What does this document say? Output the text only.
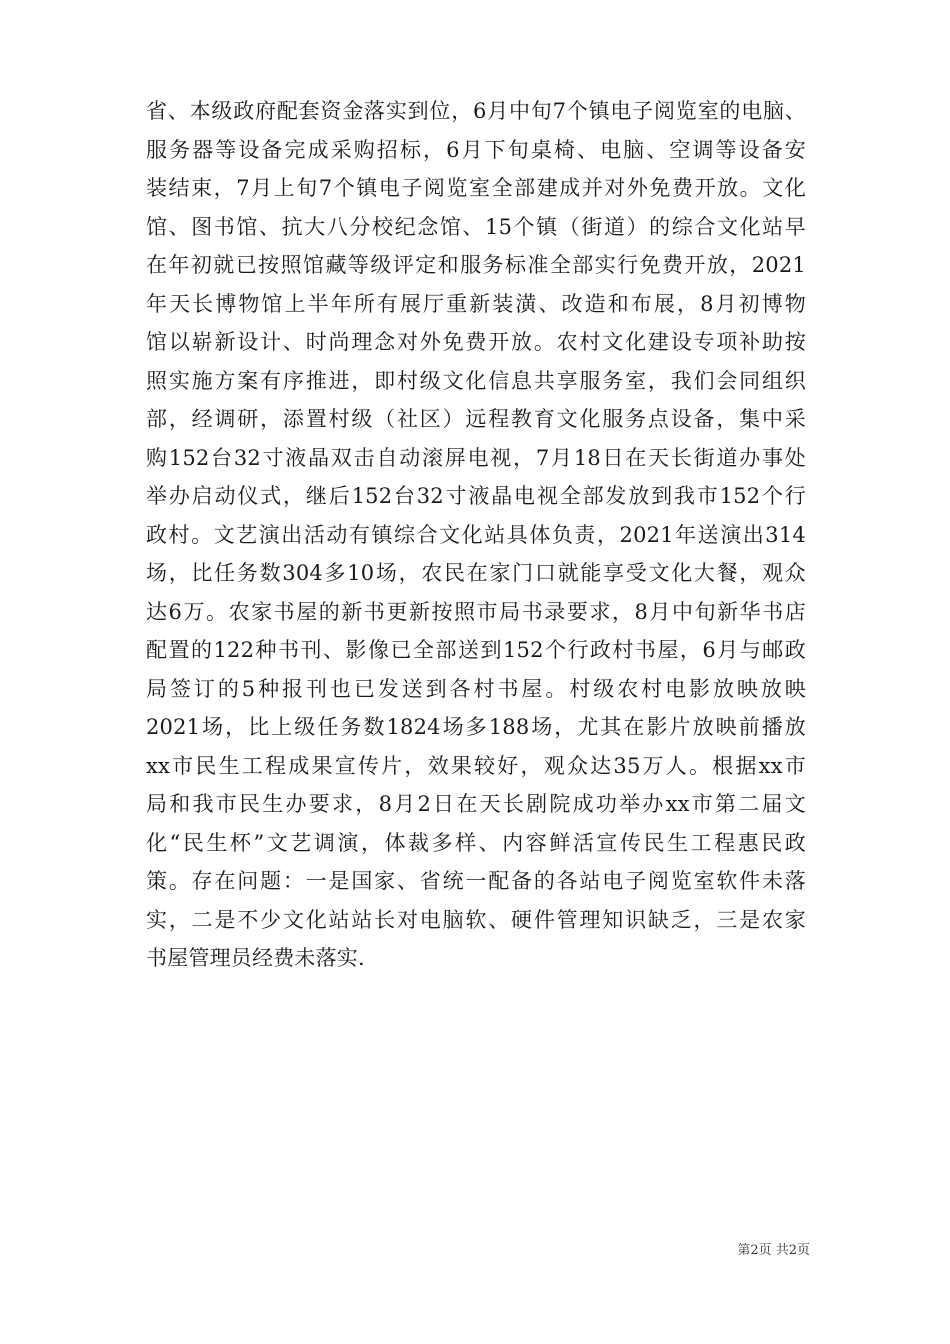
省、本级政府配套资金落实到位，6月中旬7个镇电子阅览室的电脑、
服务器等设备完成采购招标，6月下旬桌椅、电脑、空调等设备安
装结束，7月上旬7个镇电子阅览室全部建成并对外免费开放。文化
馆、图书馆、抗大八分校纪念馆、15个镇（街道）的综合文化站早
在年初就已按照馆藏等级评定和服务标准全部实行免费开放，2021
年天长博物馆上半年所有展厅重新装潢、改造和布展，8月初博物
馆以崭新设计、时尚理念对外免费开放。农村文化建设专项补助按
照实施方案有序推进，即村级文化信息共享服务室，我们会同组织
部，经调研，添置村级（社区）远程教育文化服务点设备，集中采
购152台32寸液晶双击自动滚屏电视，7月18日在天长街道办事处
举办启动仪式，继后152台32寸液晶电视全部发放到我市152个行
政村。文艺演出活动有镇综合文化站具体负责，2021年送演出314
场，比任务数304多10场，农民在家门口就能享受文化大餐，观众
达6万。农家书屋的新书更新按照市局书录要求，8月中旬新华书店
配置的122种书刊、影像已全部送到152个行政村书屋，6月与邮政
局签订的5种报刊也已发送到各村书屋。村级农村电影放映放映
2021场，比上级任务数1824场多188场，尤其在影片放映前播放
xx市民生工程成果宣传片，效果较好，观众达35万人。根据xx市
局和我市民生办要求，8月2日在天长剧院成功举办xx市第二届文
化“民生杯”文艺调演，体裁多样、内容鲜活宣传民生工程惠民政
策。存在问题：一是国家、省统一配备的各站电子阅览室软件未落
实，二是不少文化站站长对电脑软、硬件管理知识缺乏，三是农家
书屋管理员经费未落实.
第2页 共2页
